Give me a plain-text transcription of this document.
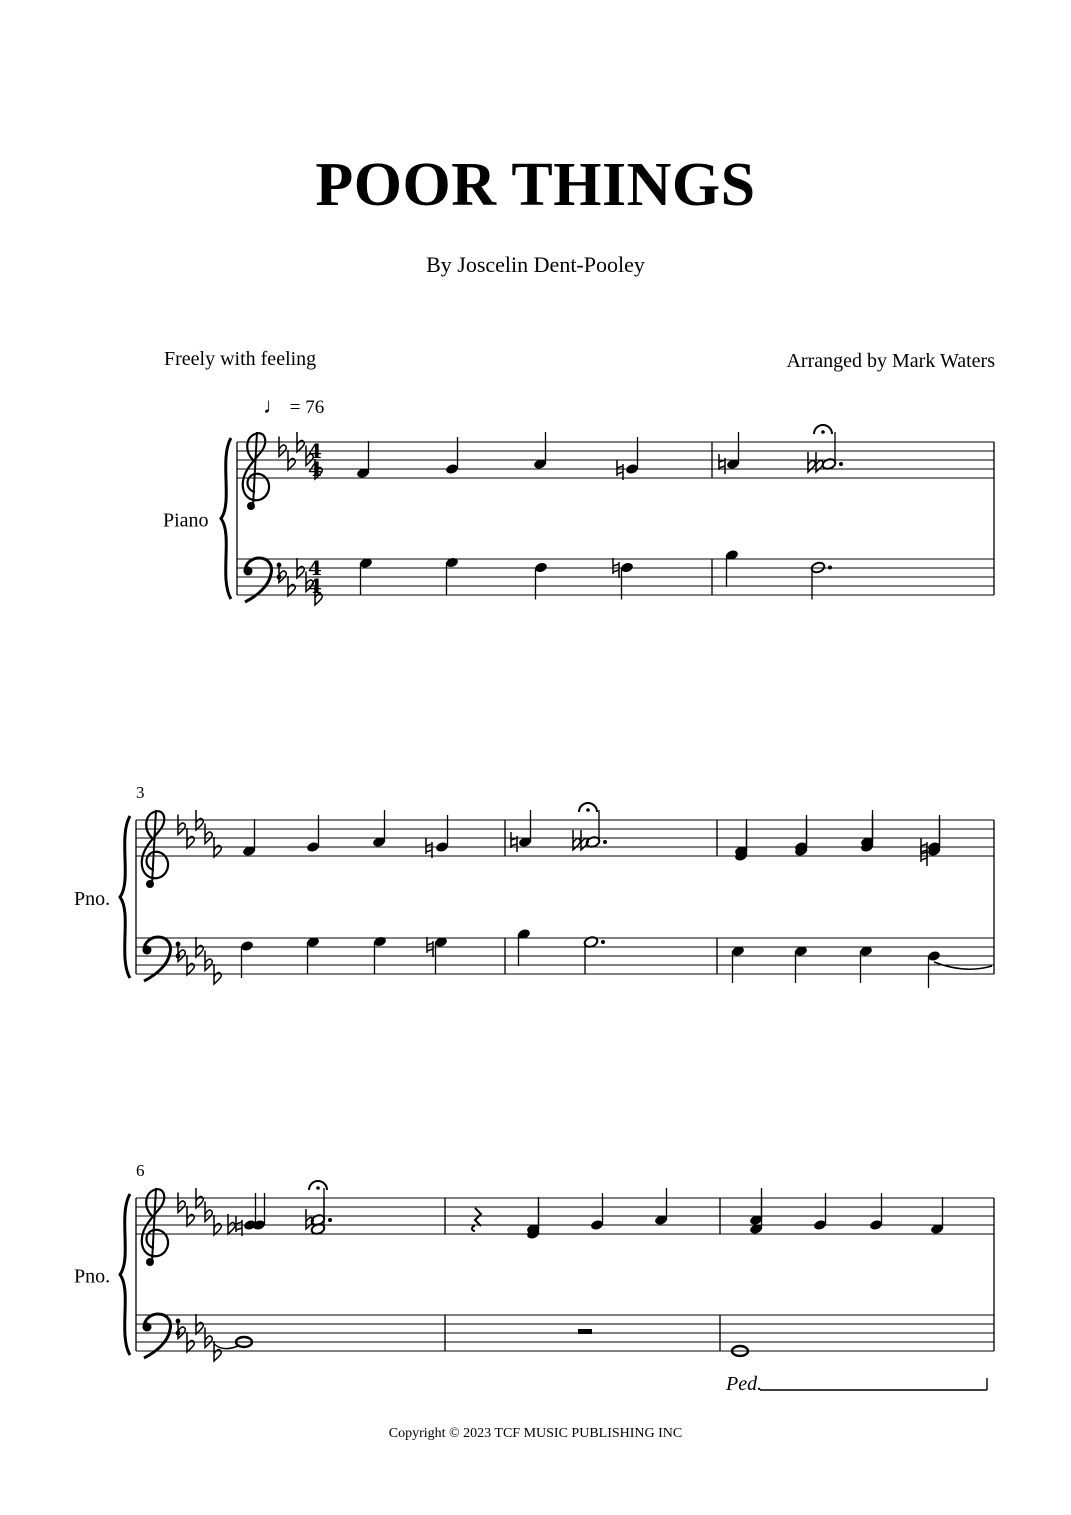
POOR THINGS
By Joscelin Dent-Pooley
Freely with feeling	Arranged by Mark Waters
♩ = 76
Piano
Pno.
3
Pno.
6
4
4
4
4
Ped.
Copyright © 2023 TCF MUSIC PUBLISHING INC
